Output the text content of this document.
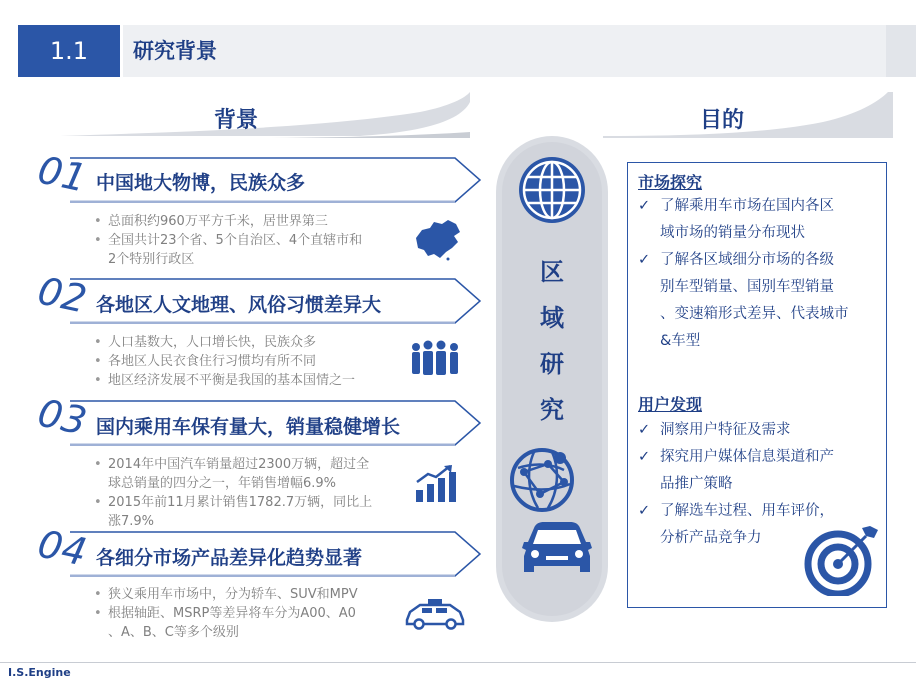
1.1	研究背景
背景	目的
01
02
03
04
中国地大物博，民族众多
各地区人文地理、风俗习惯差异大
国内乘用车保有量大，销量稳健增长
各细分市场产品差异化趋势显著
• 总面积约960万平方千米，居世界第三
• 全国共计23个省、5个自治区、4个直辖市和
2个特别行政区
• 人口基数大，人口增长快，民族众多
• 各地区人民衣食住行习惯均有所不同
• 地区经济发展不平衡是我国的基本国情之一
• 2014年中国汽车销量超过2300万辆，超过全
球总销量的四分之一，年销售增幅6.9%
• 2015年前11月累计销售1782.7万辆，同比上
涨7.9%
• 狭义乘用车市场中，分为轿车、SUV和MPV
• 根据轴距、MSRP等差异将车分为A00、A0
、A、B、C等多个级别
区
域
研
究
市场探究
✓ 了解乘用车市场在国内各区
域市场的销量分布现状
✓ 了解各区域细分市场的各级
别车型销量、国别车型销量
、变速箱形式差异、代表城市
&车型
用户发现
✓ 洞察用户特征及需求
✓ 探究用户媒体信息渠道和产
品推广策略
✓ 了解选车过程、用车评价，
分析产品竞争力
I.S.Engine
